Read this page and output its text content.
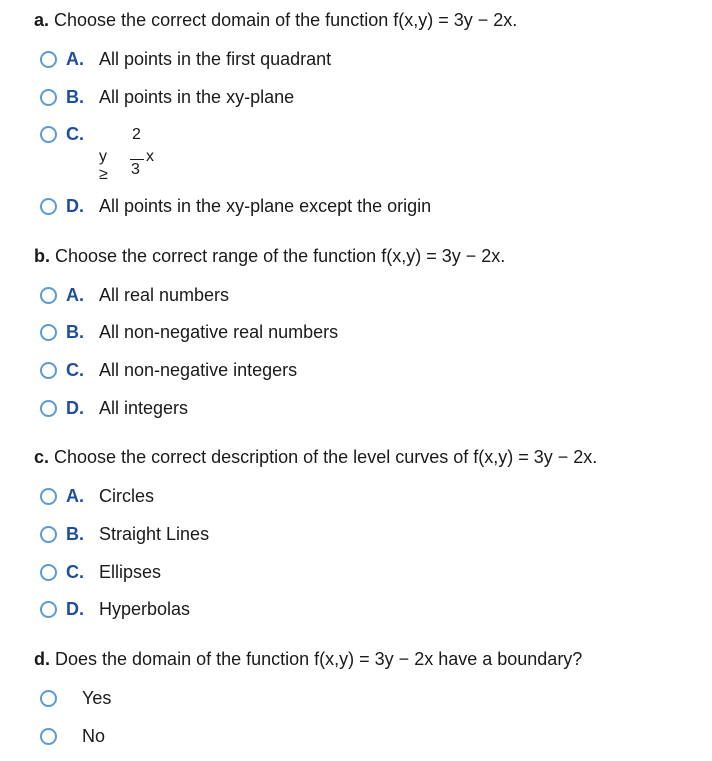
a. Choose the correct domain of the function f(x,y) = 3y − 2x.
A. All points in the first quadrant
B. All points in the xy-plane
C.	2
y ≥ 3
x
D. All points in the xy-plane except the origin
b. Choose the correct range of the function f(x,y) = 3y − 2x.
A. All real numbers
B. All non-negative real numbers
C. All non-negative integers
D. All integers
c. Choose the correct description of the level curves of f(x,y) = 3y − 2x.
A. Circles
B. Straight Lines
C. Ellipses
D. Hyperbolas
d. Does the domain of the function f(x,y) = 3y − 2x have a boundary?
Yes
No
